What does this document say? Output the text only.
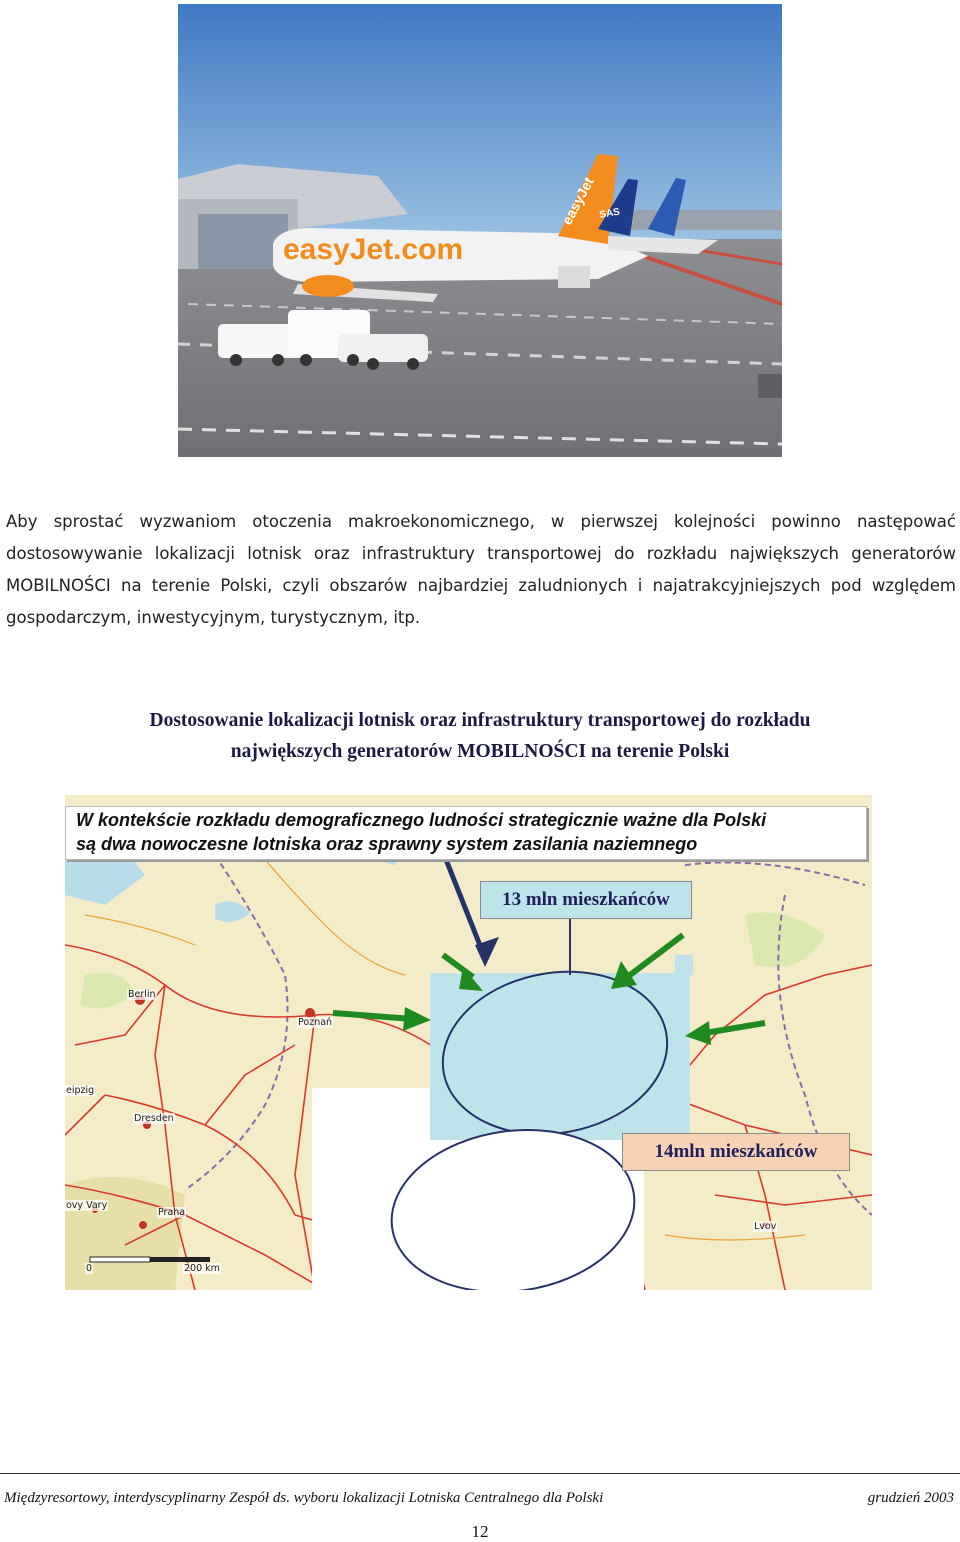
easyJet.com
easyJet SAS
Aby sprostać wyzwaniom otoczenia makroekonomicznego, w pierwszej kolejności powinno następować dostosowywanie lokalizacji lotnisk oraz infrastruktury transportowej do rozkładu największych generatorów MOBILNOŚCI na terenie Polski, czyli obszarów najbardziej zaludnionych i najatrakcyjniejszych pod względem gospodarczym, inwestycyjnym, turystycznym, itp.
Dostosowanie lokalizacji lotnisk oraz infrastruktury transportowej do rozkładu
największych generatorów MOBILNOŚCI na terenie Polski
Berlin
Poznań
eipzig
Dresden
ovy Vary
Praha
Lvov
0	200 km
W kontekście rozkładu demograficznego ludności strategicznie ważne dla Polski
są dwa nowoczesne lotniska oraz sprawny system zasilania naziemnego
13 mln mieszkańców
14mln mieszkańców
Międzyresortowy, interdyscyplinarny Zespół ds. wyboru lokalizacji Lotniska Centralnego dla Polski	grudzień 2003
12
